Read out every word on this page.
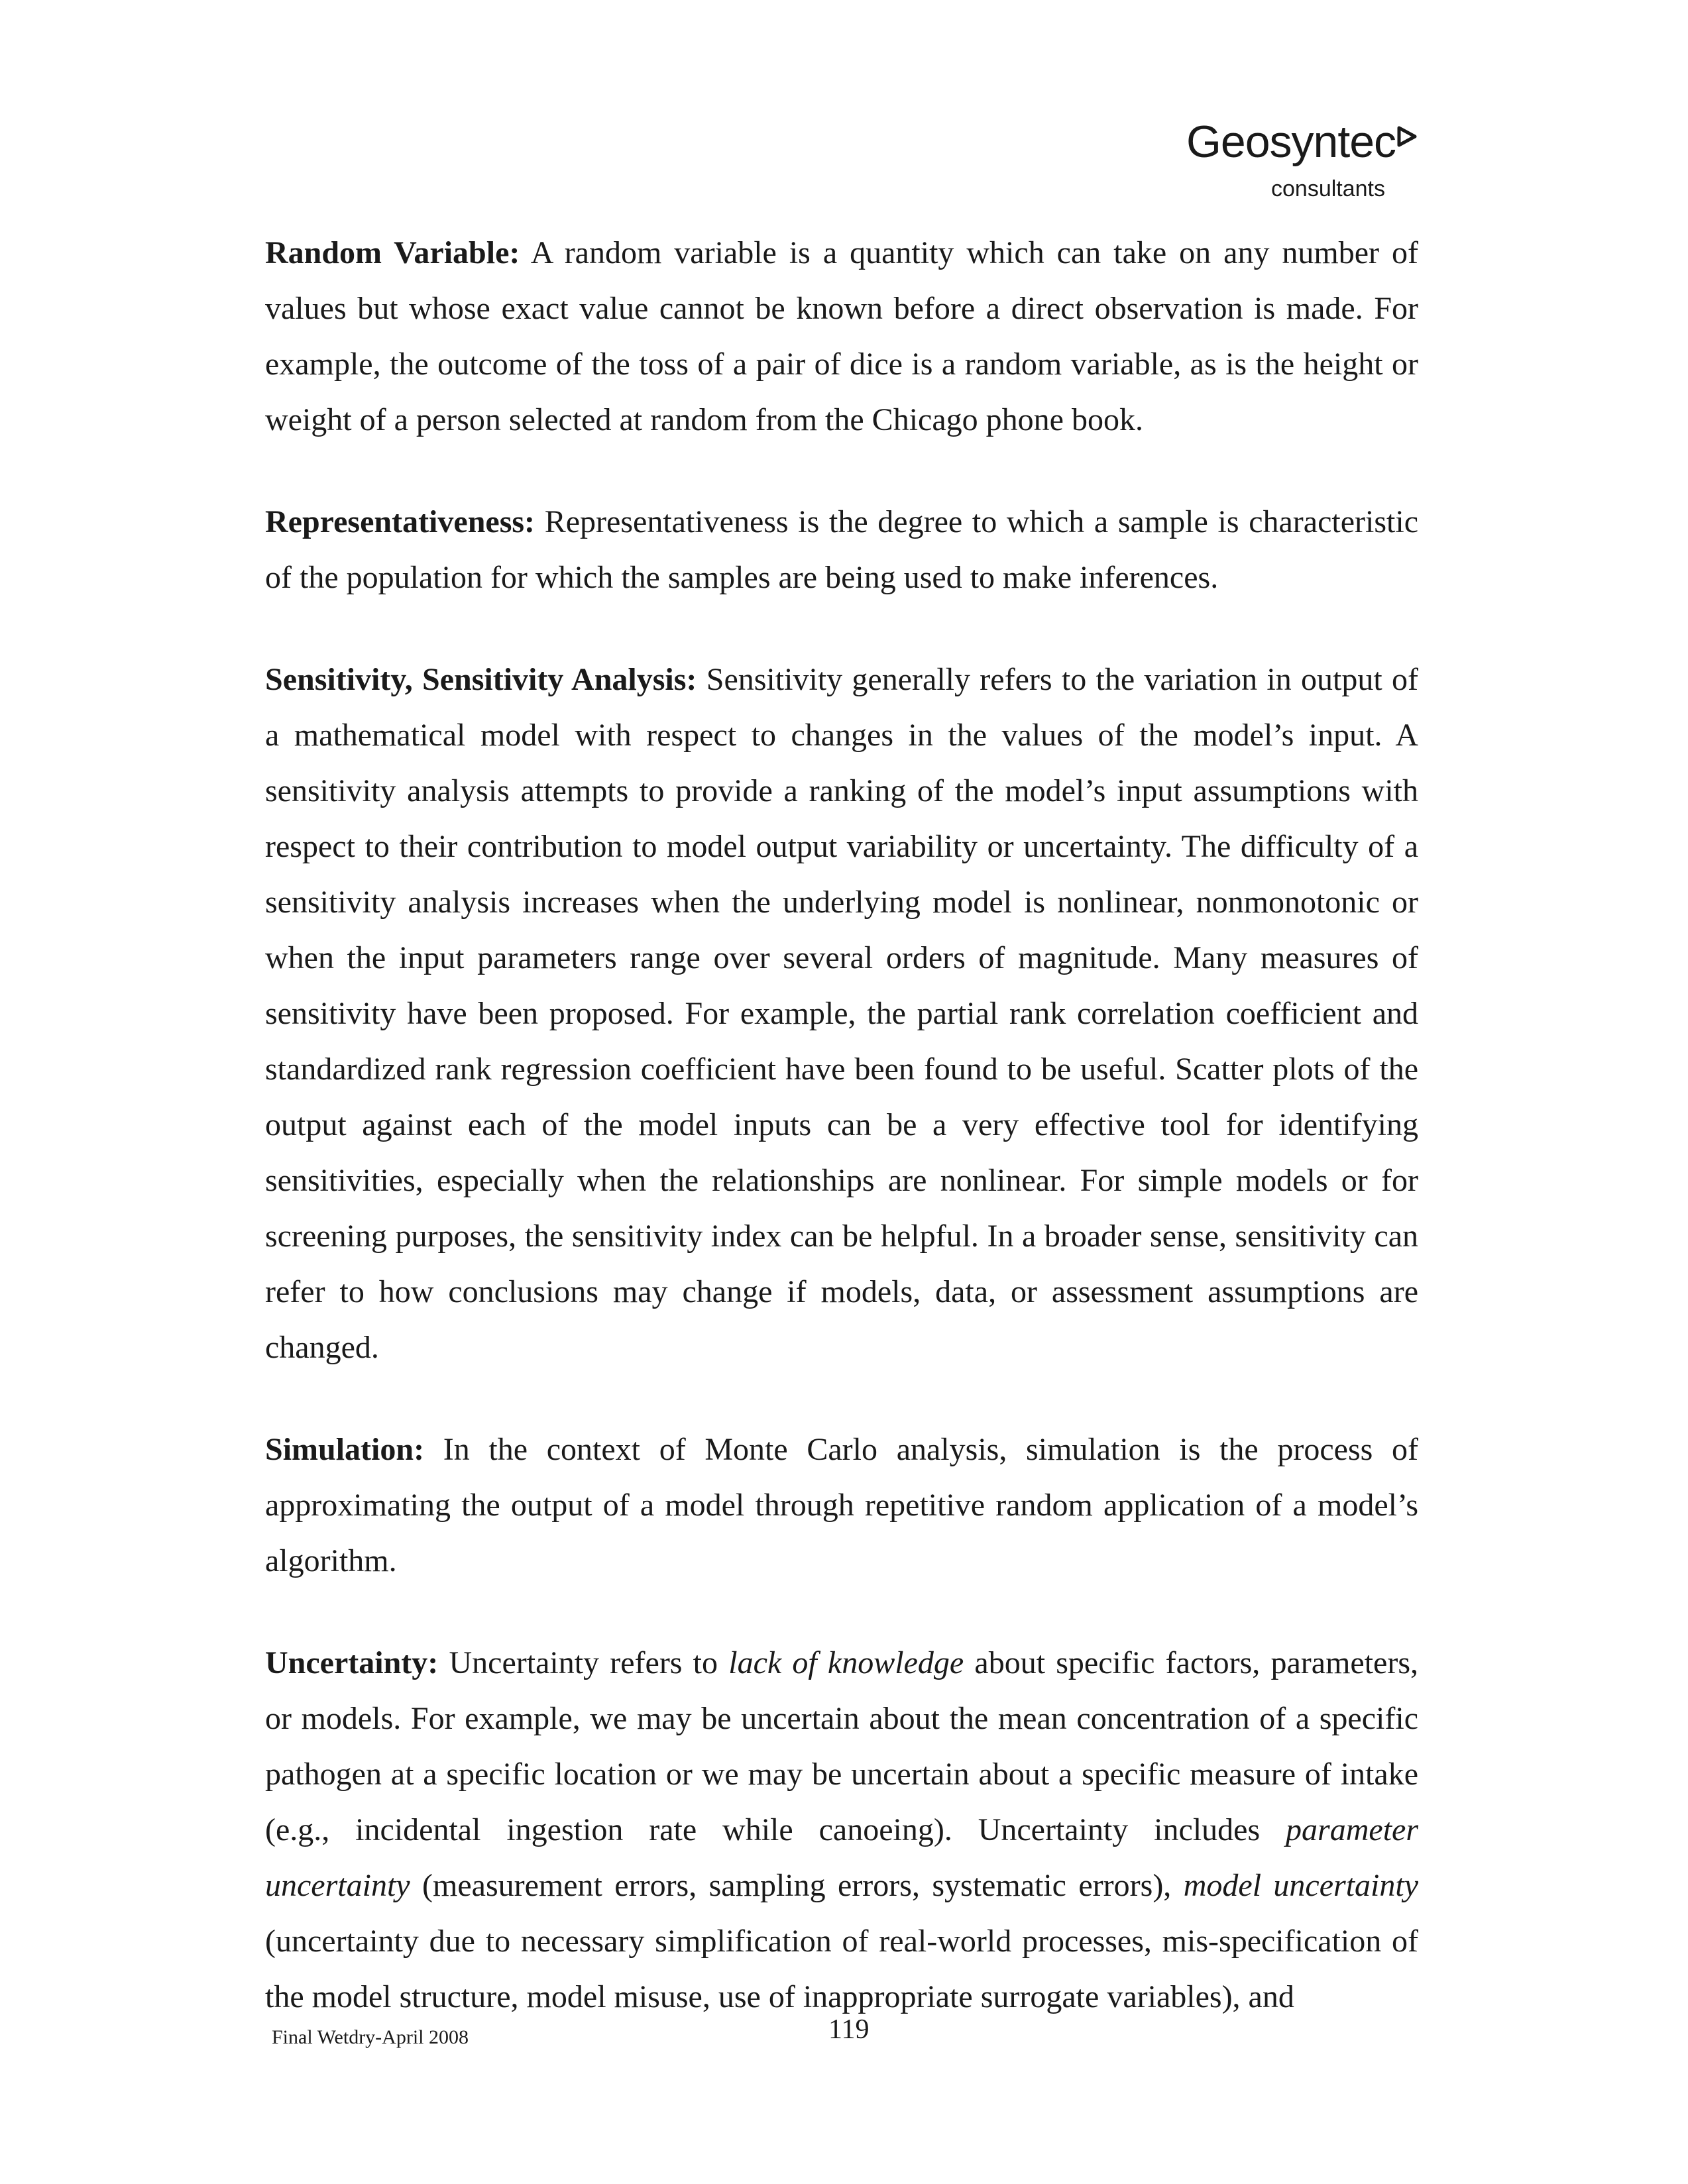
Geosyntec
consultants

Random Variable: A random variable is a quantity which can take on any number of values but whose exact value cannot be known before a direct observation is made. For example, the outcome of the toss of a pair of dice is a random variable, as is the height or weight of a person selected at random from the Chicago phone book.

Representativeness: Representativeness is the degree to which a sample is characteristic of the population for which the samples are being used to make inferences.

Sensitivity, Sensitivity Analysis: Sensitivity generally refers to the variation in output of a mathematical model with respect to changes in the values of the model’s input. A sensitivity analysis attempts to provide a ranking of the model’s input assumptions with respect to their contribution to model output variability or uncertainty. The difficulty of a sensitivity analysis increases when the underlying model is nonlinear, nonmonotonic or when the input parameters range over several orders of magnitude. Many measures of sensitivity have been proposed. For example, the partial rank correlation coefficient and standardized rank regression coefficient have been found to be useful. Scatter plots of the output against each of the model inputs can be a very effective tool for identifying sensitivities, especially when the relationships are nonlinear. For simple models or for screening purposes, the sensitivity index can be helpful. In a broader sense, sensitivity can refer to how conclusions may change if models, data, or assessment assumptions are changed.

Simulation: In the context of Monte Carlo analysis, simulation is the process of approximating the output of a model through repetitive random application of a model’s algorithm.

Uncertainty: Uncertainty refers to lack of knowledge about specific factors, parameters, or models. For example, we may be uncertain about the mean concentration of a specific pathogen at a specific location or we may be uncertain about a specific measure of intake (e.g., incidental ingestion rate while canoeing). Uncertainty includes parameter uncertainty (measurement errors, sampling errors, systematic errors), model uncertainty (uncertainty due to necessary simplification of real-world processes, mis-specification of the model structure, model misuse, use of inappropriate surrogate variables), and

Final Wetdry-April 2008	119
